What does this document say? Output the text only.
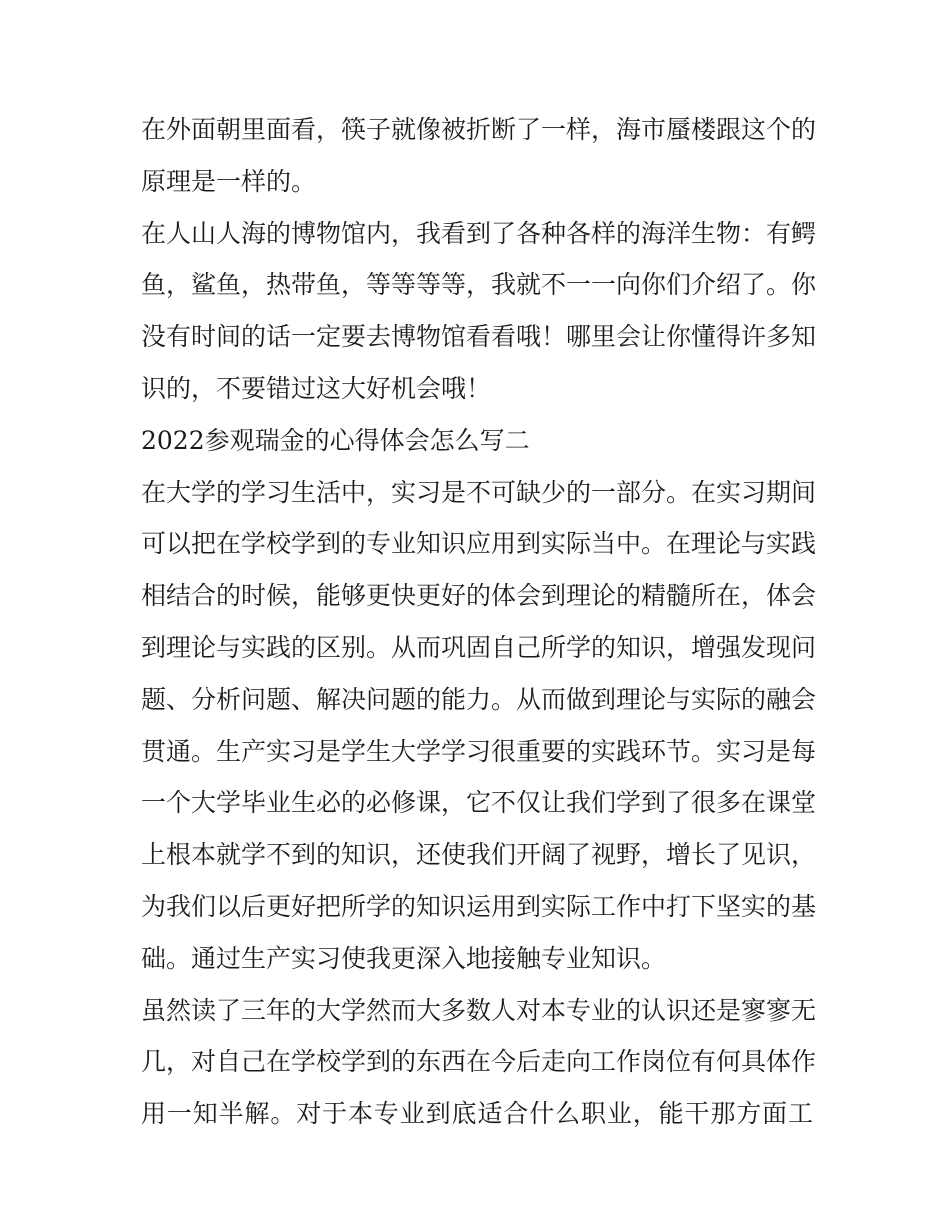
在外面朝里面看，筷子就像被折断了一样，海市蜃楼跟这个的
原理是一样的。
在人山人海的博物馆内，我看到了各种各样的海洋生物：有鳄
鱼，鲨鱼，热带鱼，等等等等，我就不一一向你们介绍了。你
没有时间的话一定要去博物馆看看哦！哪里会让你懂得许多知
识的，不要错过这大好机会哦！
2022参观瑞金的心得体会怎么写二
在大学的学习生活中，实习是不可缺少的一部分。在实习期间
可以把在学校学到的专业知识应用到实际当中。在理论与实践
相结合的时候，能够更快更好的体会到理论的精髓所在，体会
到理论与实践的区别。从而巩固自己所学的知识，增强发现问
题、分析问题、解决问题的能力。从而做到理论与实际的融会
贯通。生产实习是学生大学学习很重要的实践环节。实习是每
一个大学毕业生必的必修课，它不仅让我们学到了很多在课堂
上根本就学不到的知识，还使我们开阔了视野，增长了见识，
为我们以后更好把所学的知识运用到实际工作中打下坚实的基
础。通过生产实习使我更深入地接触专业知识。
虽然读了三年的大学然而大多数人对本专业的认识还是寥寥无
几，对自己在学校学到的东西在今后走向工作岗位有何具体作
用一知半解。对于本专业到底适合什么职业，能干那方面工
